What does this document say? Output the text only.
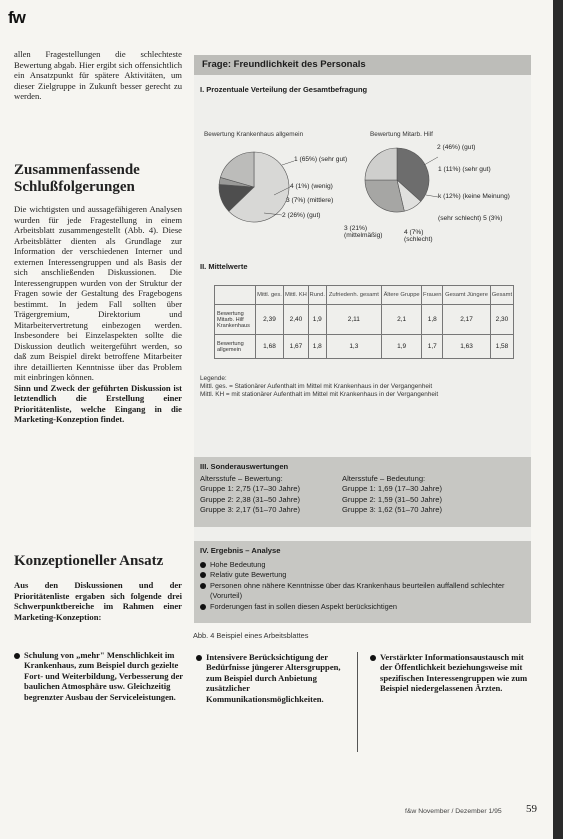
fw

allen Fragestellungen die schlechteste Bewertung abgab. Hier ergibt sich offensichtlich ein Ansatzpunkt für spätere Aktivitäten, um dieser Zielgruppe in Zukunft besser gerecht zu werden.

Zusammenfassende Schlußfolgerungen

Die wichtigsten und aussagefähigeren Analysen wurden für jede Fragestellung in einem Arbeitsblatt zusammengestellt (Abb. 4). Diese Arbeitsblätter dienten als Grundlage zur Information der verschiedenen Interner und externen Interessengruppen und als Basis der sich anschließenden Diskussionen. Die Interessengruppen wurden von der Struktur der Fragen sowie der Gestaltung des Fragebogens bestimmt. In jedem Fall sollten über Trägergremium, Direktorium und Mitarbeitervertretung einbezogen werden. Insbesondere bei Einzelaspekten sollte die Diskussion deutlich weitergeführt werden, so daß zum Beispiel direkt betroffene Mitarbeiter ihre detaillierten Kenntnisse über das Problem mit einbringen können.

Sinn und Zweck der geführten Diskussion ist letztendlich die Erstellung einer Prioritätenliste, welche Eingang in die Marketing-Konzeption findet.

Konzeptioneller Ansatz

Aus den Diskussionen und der Prioritätenliste ergaben sich folgende drei Schwerpunktbereiche im Rahmen einer Marketing-Konzeption:

Schulung von „mehr" Menschlichkeit im Krankenhaus, zum Beispiel durch gezielte Fort- und Weiterbildung, Verbesserung der baulichen Atmosphäre usw. Gleichzeitig begrenzter Ausbau der Serviceleistungen.
Intensivere Berücksichtigung der Bedürfnisse jüngerer Altersgruppen, zum Beispiel durch Anbietung zusätzlicher Kommunikationsmöglichkeiten.
Verstärkter Informationsaustausch mit der Öffentlichkeit beziehungsweise mit spezifischen Interessengruppen wie zum Beispiel niedergelassenen Ärzten.
Frage: Freundlichkeit des Personals
I. Prozentuale Verteilung der Gesamtbefragung
Bewertung Krankenhaus allgemein	Bewertung Mitarb. Hilf
1 (65%) (sehr gut)
4 (1%) (wenig)
3 (7%) (mittlere)
2 (26%) (gut)
2 (46%) (gut)
1 (11%) (sehr gut)
k (12%) (keine Meinung)
(sehr schlecht) 5 (3%)
3 (21%) (mittelmäßig)	4 (7%) (schlecht)
II. Mittelwerte
	Mittl. ges.	Mittl. KH	Rund.	Zufriedenh. gesamt	Ältere Gruppe	Frauen	Gesamt Jüngere	Gesamt
Bewertung Mitarb. Hilf Krankenhaus	2,39	2,40	1,9	2,11	2,1	1,8	2,17	2,30
Bewertung allgemein	1,68	1,67	1,8	1,3	1,9	1,7	1,63	1,58
Legende:
Mittl. ges. = Stationärer Aufenthalt im Mittel mit Krankenhaus in der Vergangenheit
Mittl. KH = mit stationärer Aufenthalt im Mittel mit Krankenhaus in der Vergangenheit
III. Sonderauswertungen
Altersstufe – Bewertung:
Gruppe 1: 2,75 (17–30 Jahre)
Gruppe 2: 2,38 (31–50 Jahre)
Gruppe 3: 2,17 (51–70 Jahre)
Altersstufe – Bedeutung:
Gruppe 1: 1,69 (17–30 Jahre)
Gruppe 2: 1,59 (31–50 Jahre)
Gruppe 3: 1,62 (51–70 Jahre)
IV. Ergebnis – Analyse
Hohe Bedeutung
Relativ gute Bewertung
Personen ohne nähere Kenntnisse über das Krankenhaus beurteilen auffallend schlechter (Vorurteil)
Forderungen fast in sollen diesen Aspekt berücksichtigen
Abb. 4 Beispiel eines Arbeitsblattes
f&w November / Dezember 1/95 59
